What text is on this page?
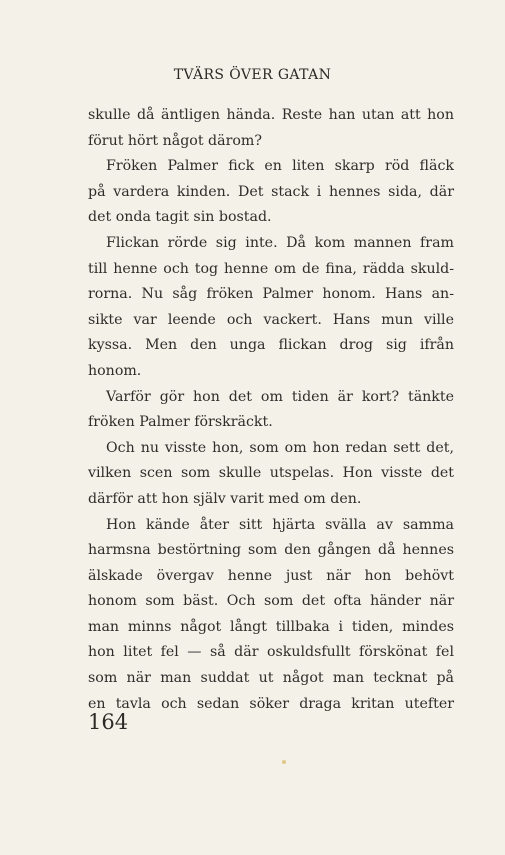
TVÄRS ÖVER GATAN
skulle då äntligen hända. Reste han utan att hon
förut hört något därom?
Fröken Palmer fick en liten skarp röd fläck
på vardera kinden. Det stack i hennes sida, där
det onda tagit sin bostad.
Flickan rörde sig inte. Då kom mannen fram
till henne och tog henne om de fina, rädda skuld-
rorna. Nu såg fröken Palmer honom. Hans an-
sikte var leende och vackert. Hans mun ville
kyssa. Men den unga flickan drog sig ifrån
honom.
Varför gör hon det om tiden är kort? tänkte
fröken Palmer förskräckt.
Och nu visste hon, som om hon redan sett det,
vilken scen som skulle utspelas. Hon visste det
därför att hon själv varit med om den.
Hon kände åter sitt hjärta svälla av samma
harmsna bestörtning som den gången då hennes
älskade övergav henne just när hon behövt
honom som bäst. Och som det ofta händer när
man minns något långt tillbaka i tiden, mindes
hon litet fel — så där oskuldsfullt förskönat fel
som när man suddat ut något man tecknat på
en tavla och sedan söker draga kritan utefter
164
